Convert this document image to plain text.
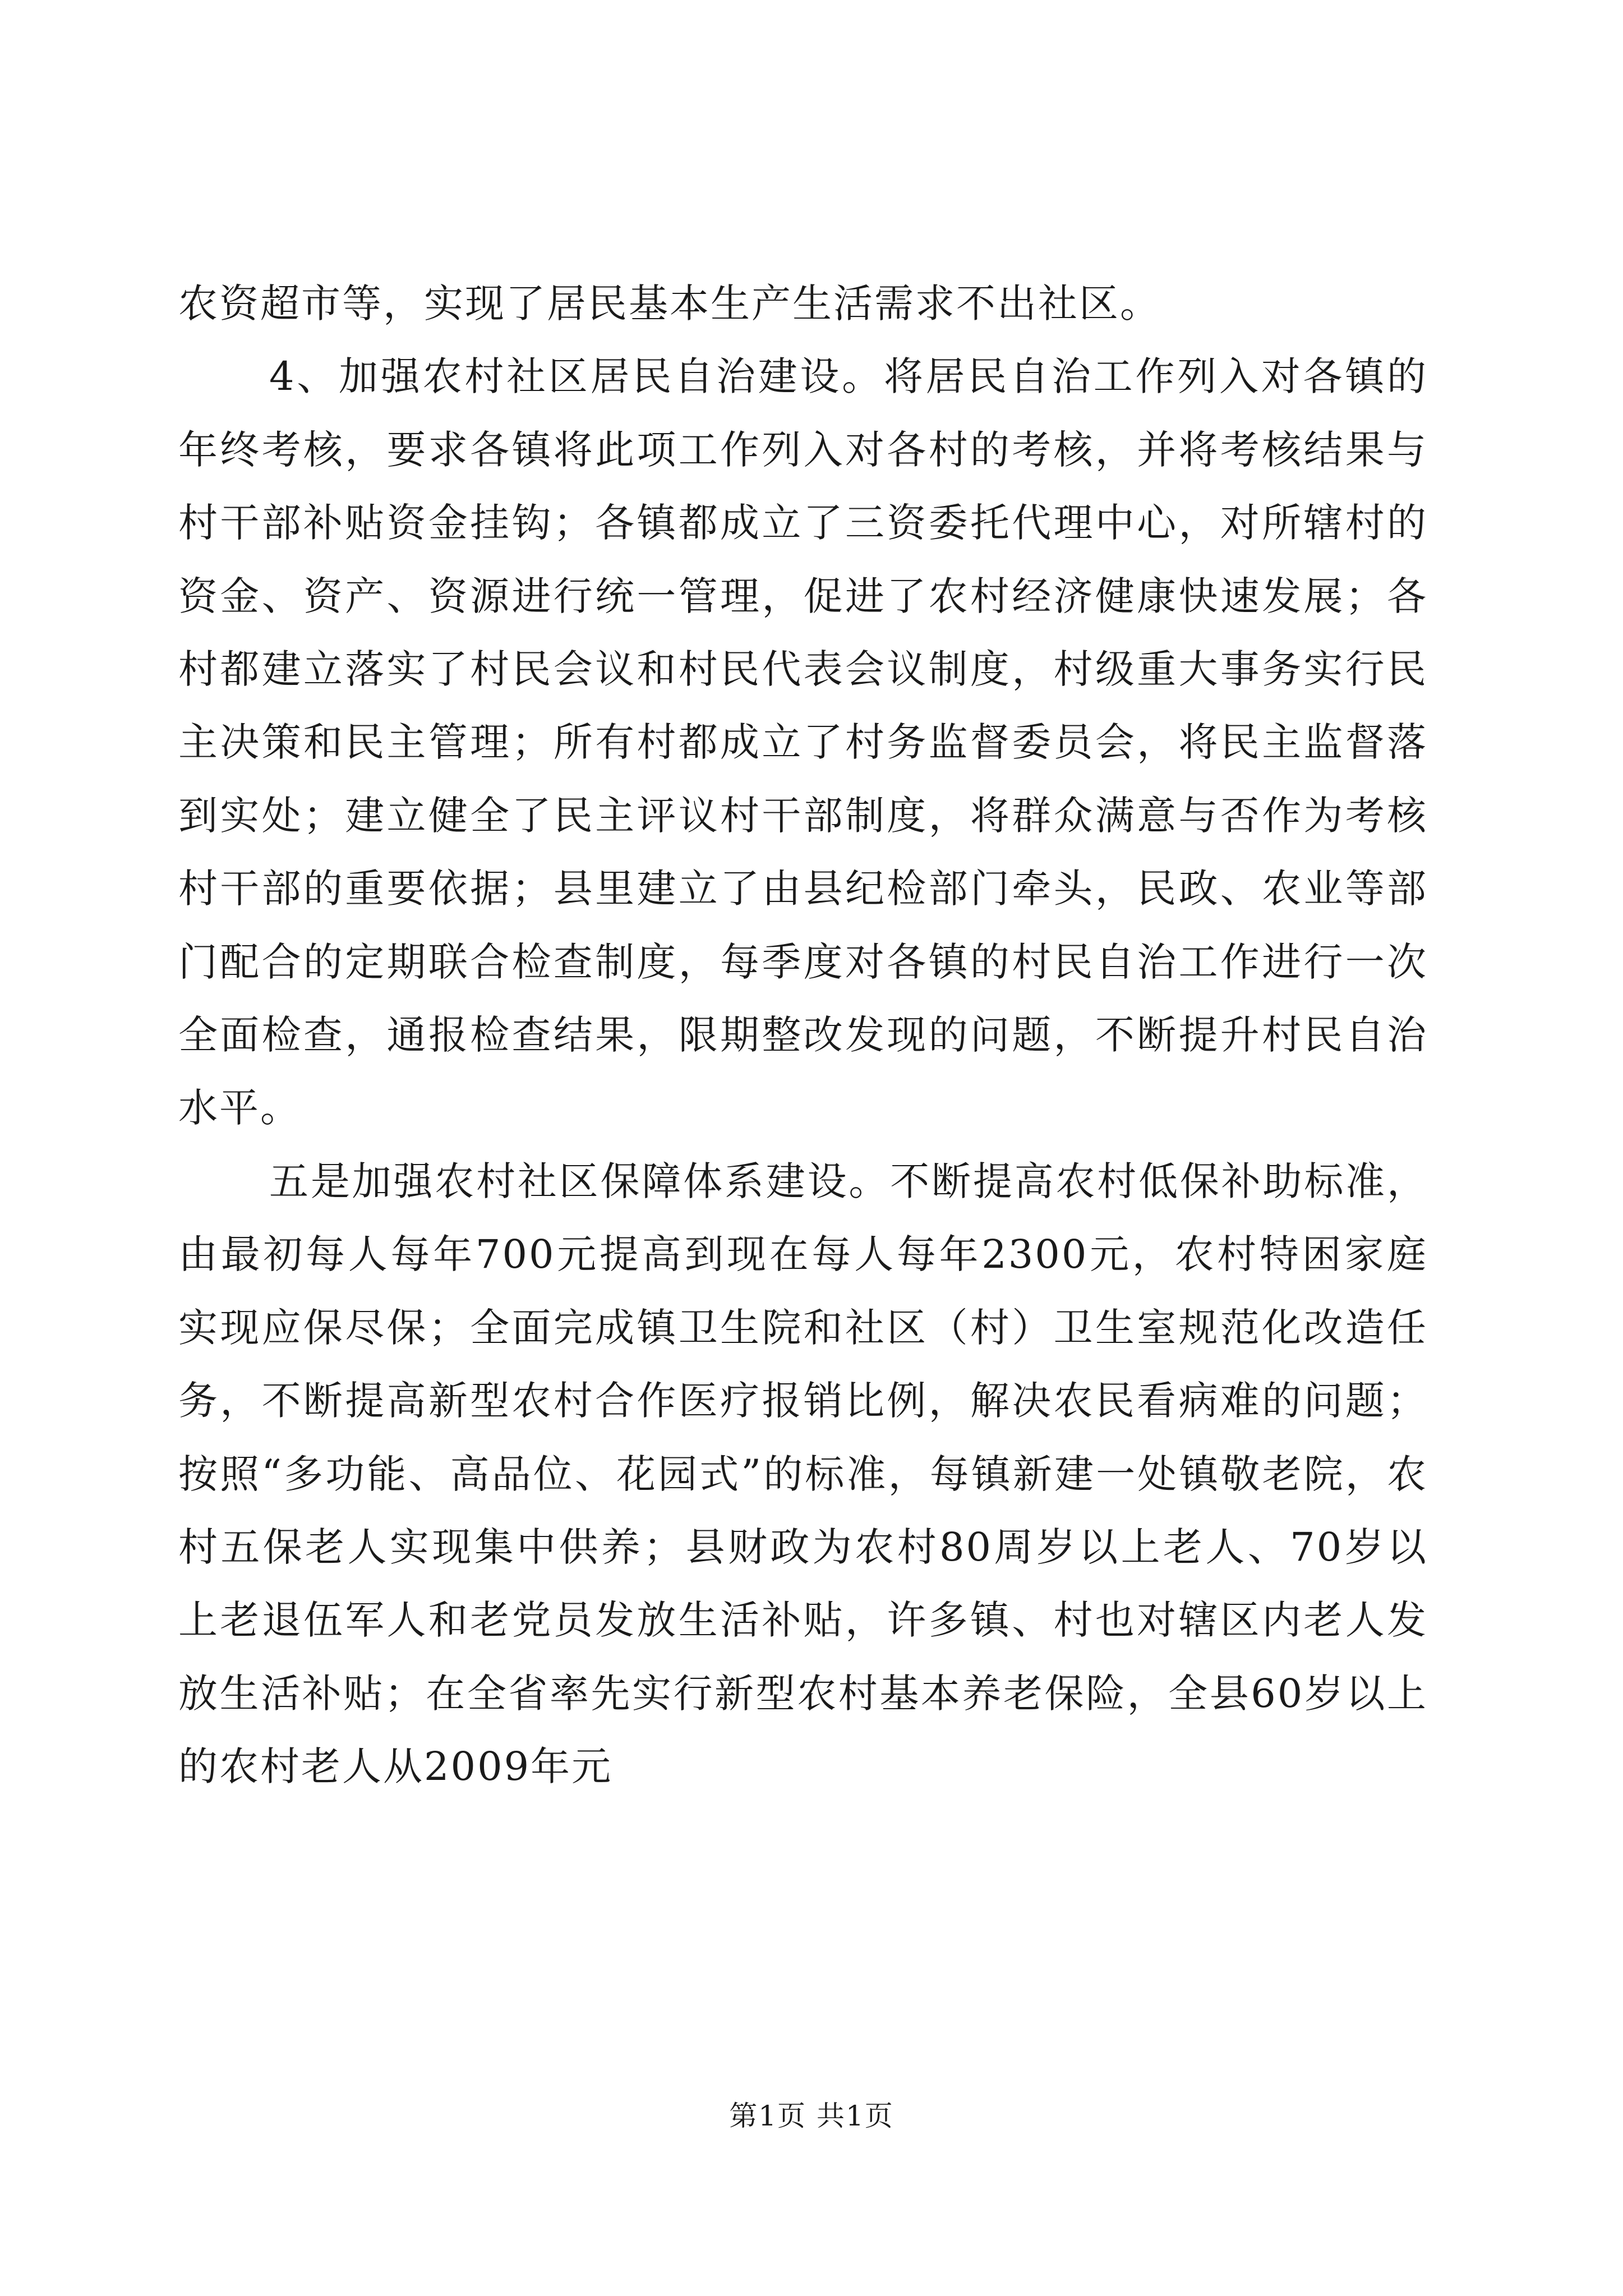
农资超市等，实现了居民基本生产生活需求不出社区。

4、加强农村社区居民自治建设。将居民自治工作列入对各镇的年终考核，要求各镇将此项工作列入对各村的考核，并将考核结果与村干部补贴资金挂钩；各镇都成立了三资委托代理中心，对所辖村的资金、资产、资源进行统一管理，促进了农村经济健康快速发展；各村都建立落实了村民会议和村民代表会议制度，村级重大事务实行民主决策和民主管理；所有村都成立了村务监督委员会，将民主监督落到实处；建立健全了民主评议村干部制度，将群众满意与否作为考核村干部的重要依据；县里建立了由县纪检部门牵头，民政、农业等部门配合的定期联合检查制度，每季度对各镇的村民自治工作进行一次全面检查，通报检查结果，限期整改发现的问题，不断提升村民自治水平。

五是加强农村社区保障体系建设。不断提高农村低保补助标准，由最初每人每年700元提高到现在每人每年2300元，农村特困家庭实现应保尽保；全面完成镇卫生院和社区（村）卫生室规范化改造任务，不断提高新型农村合作医疗报销比例，解决农民看病难的问题；按照“多功能、高品位、花园式”的标准，每镇新建一处镇敬老院，农村五保老人实现集中供养；县财政为农村80周岁以上老人、70岁以上老退伍军人和老党员发放生活补贴，许多镇、村也对辖区内老人发放生活补贴；在全省率先实行新型农村基本养老保险，全县60岁以上的农村老人从2009年元

第1页 共1页
